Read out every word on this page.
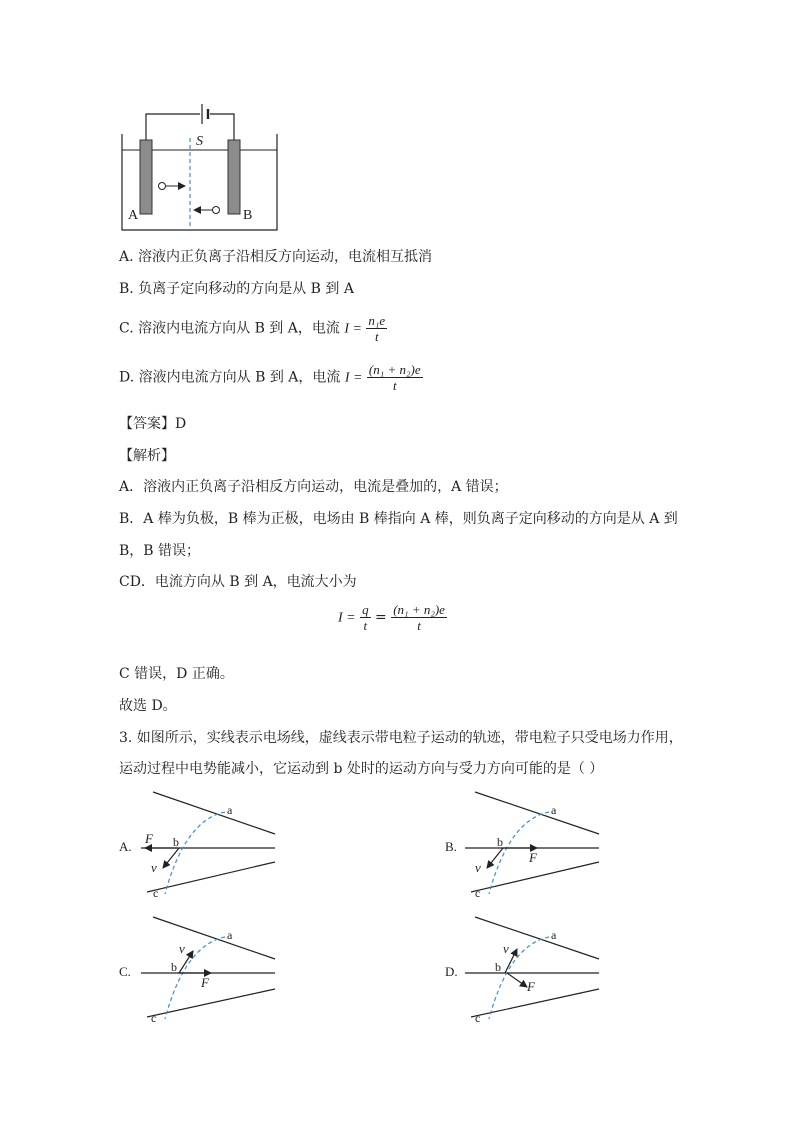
S
A	B
A. 溶液内正负离子沿相反方向运动，电流相互抵消
B. 负离子定向移动的方向是从 B 到 A
C. 溶液内电流方向从 B 到 A，电流 $I = \frac{\text{n₁e}}{t}$
D. 溶液内电流方向从 B 到 A，电流 $I = \frac{\text{(n₁ + n₂)e}}{t}$
【答案】D
【解析】
A．溶液内正负离子沿相反方向运动，电流是叠加的，A 错误；
B．A 棒为负极，B 棒为正极，电场由 B 棒指向 A 棒，则负离子定向移动的方向是从 A 到
B，B 错误；
CD．电流方向从 B 到 A，电流大小为
$I = \frac{q}{t} = \frac{\text{(n₁ + n₂)e}}{t}$
C 错误，D 正确。
故选 D。
3. 如图所示，实线表示电场线，虚线表示带电粒子运动的轨迹，带电粒子只受电场力作用，
运动过程中电势能减小，它运动到 b 处时的运动方向与受力方向可能的是（ ）
A.
a
b
c
F
v
B.
a
b
c
F
v
C.
a
b
c
F
v
D.
a
b
c
F
v
